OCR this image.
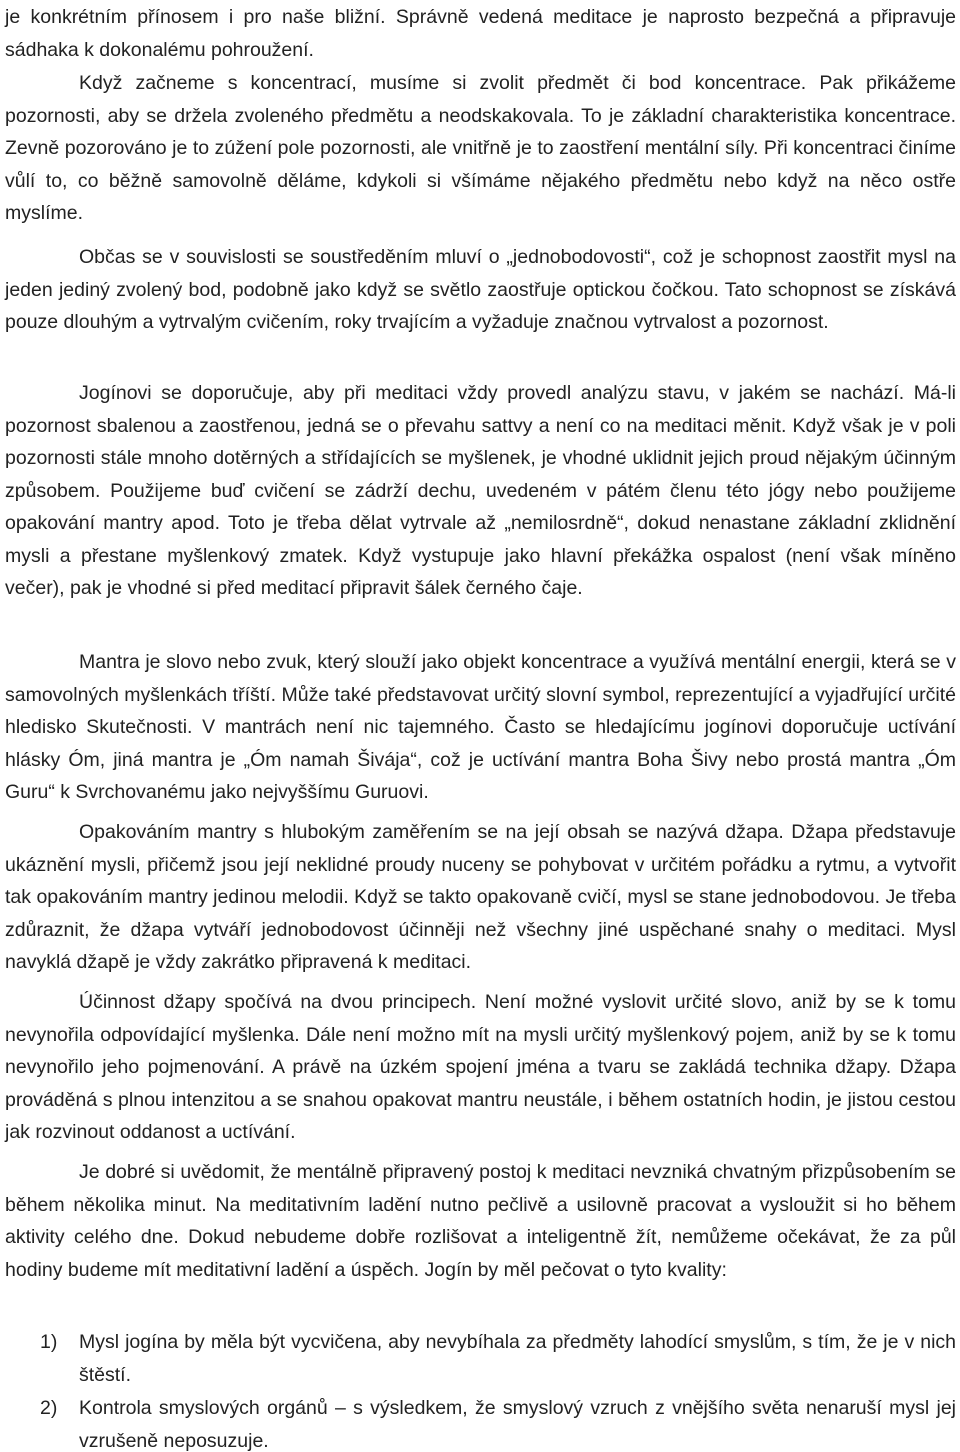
je konkrétním přínosem i pro naše bližní. Správně vedená meditace je naprosto bezpečná a připravuje sádhaka k dokonalému pohroužení.

Když začneme s koncentrací, musíme si zvolit předmět či bod koncentrace. Pak přikážeme pozornosti, aby se držela zvoleného předmětu a neodskakovala. To je základní charakteristika koncentrace. Zevně pozorováno je to zúžení pole pozornosti, ale vnitřně je to zaostření mentální síly. Při koncentraci činíme vůlí to, co běžně samovolně děláme, kdykoli si všímáme nějakého předmětu nebo když na něco ostře myslíme.

Občas se v souvislosti se soustředěním mluví o „jednobodovosti“, což je schopnost zaostřit mysl na jeden jediný zvolený bod, podobně jako když se světlo zaostřuje optickou čočkou. Tato schopnost se získává pouze dlouhým a vytrvalým cvičením, roky trvajícím a vyžaduje značnou vytrvalost a pozornost.

Jogínovi se doporučuje, aby při meditaci vždy provedl analýzu stavu, v jakém se nachází. Má-li pozornost sbalenou a zaostřenou, jedná se o převahu sattvy a není co na meditaci měnit. Když však je v poli pozornosti stále mnoho dotěrných a střídajících se myšlenek, je vhodné uklidnit jejich proud nějakým účinným způsobem. Použijeme buď cvičení se zádrží dechu, uvedeném v pátém členu této jógy nebo použijeme opakování mantry apod. Toto je třeba dělat vytrvale až „nemilosrdně“, dokud nenastane základní zklidnění mysli a přestane myšlenkový zmatek. Když vystupuje jako hlavní překážka ospalost (není však míněno večer), pak je vhodné si před meditací připravit šálek černého čaje.

Mantra je slovo nebo zvuk, který slouží jako objekt koncentrace a využívá mentální energii, která se v samovolných myšlenkách tříští. Může také představovat určitý slovní symbol, reprezentující a vyjadřující určité hledisko Skutečnosti. V mantrách není nic tajemného. Často se hledajícímu jogínovi doporučuje uctívání hlásky Óm, jiná mantra je „Óm namah Šivája“, což je uctívání mantra Boha Šivy nebo prostá mantra „Óm Guru“ k Svrchovanému jako nejvyššímu Guruovi.

Opakováním mantry s hlubokým zaměřením se na její obsah se nazývá džapa. Džapa představuje ukáznění mysli, přičemž jsou její neklidné proudy nuceny se pohybovat v určitém pořádku a rytmu, a vytvořit tak opakováním mantry jedinou melodii. Když se takto opakovaně cvičí, mysl se stane jednobodovou. Je třeba zdůraznit, že džapa vytváří jednobodovost účinněji než všechny jiné uspěchané snahy o meditaci. Mysl navyklá džapě je vždy zakrátko připravená k meditaci.

Účinnost džapy spočívá na dvou principech. Není možné vyslovit určité slovo, aniž by se k tomu nevynořila odpovídající myšlenka. Dále není možno mít na mysli určitý myšlenkový pojem, aniž by se k tomu nevynořilo jeho pojmenování. A právě na úzkém spojení jména a tvaru se zakládá technika džapy. Džapa prováděná s plnou intenzitou a se snahou opakovat mantru neustále, i během ostatních hodin, je jistou cestou jak rozvinout oddanost a uctívání.

Je dobré si uvědomit, že mentálně připravený postoj k meditaci nevzniká chvatným přizpůsobením se během několika minut. Na meditativním ladění nutno pečlivě a usilovně pracovat a vysloužit si ho během aktivity celého dne. Dokud nebudeme dobře rozlišovat a inteligentně žít, nemůžeme očekávat, že za půl hodiny budeme mít meditativní ladění a úspěch. Jogín by měl pečovat o tyto kvality:

1)	Mysl jogína by měla být vycvičena, aby nevybíhala za předměty lahodící smyslům, s tím, že je v nich štěstí.
2)	Kontrola smyslových orgánů – s výsledkem, že smyslový vzruch z vnějšího světa nenaruší mysl jej vzrušeně neposuzuje.
